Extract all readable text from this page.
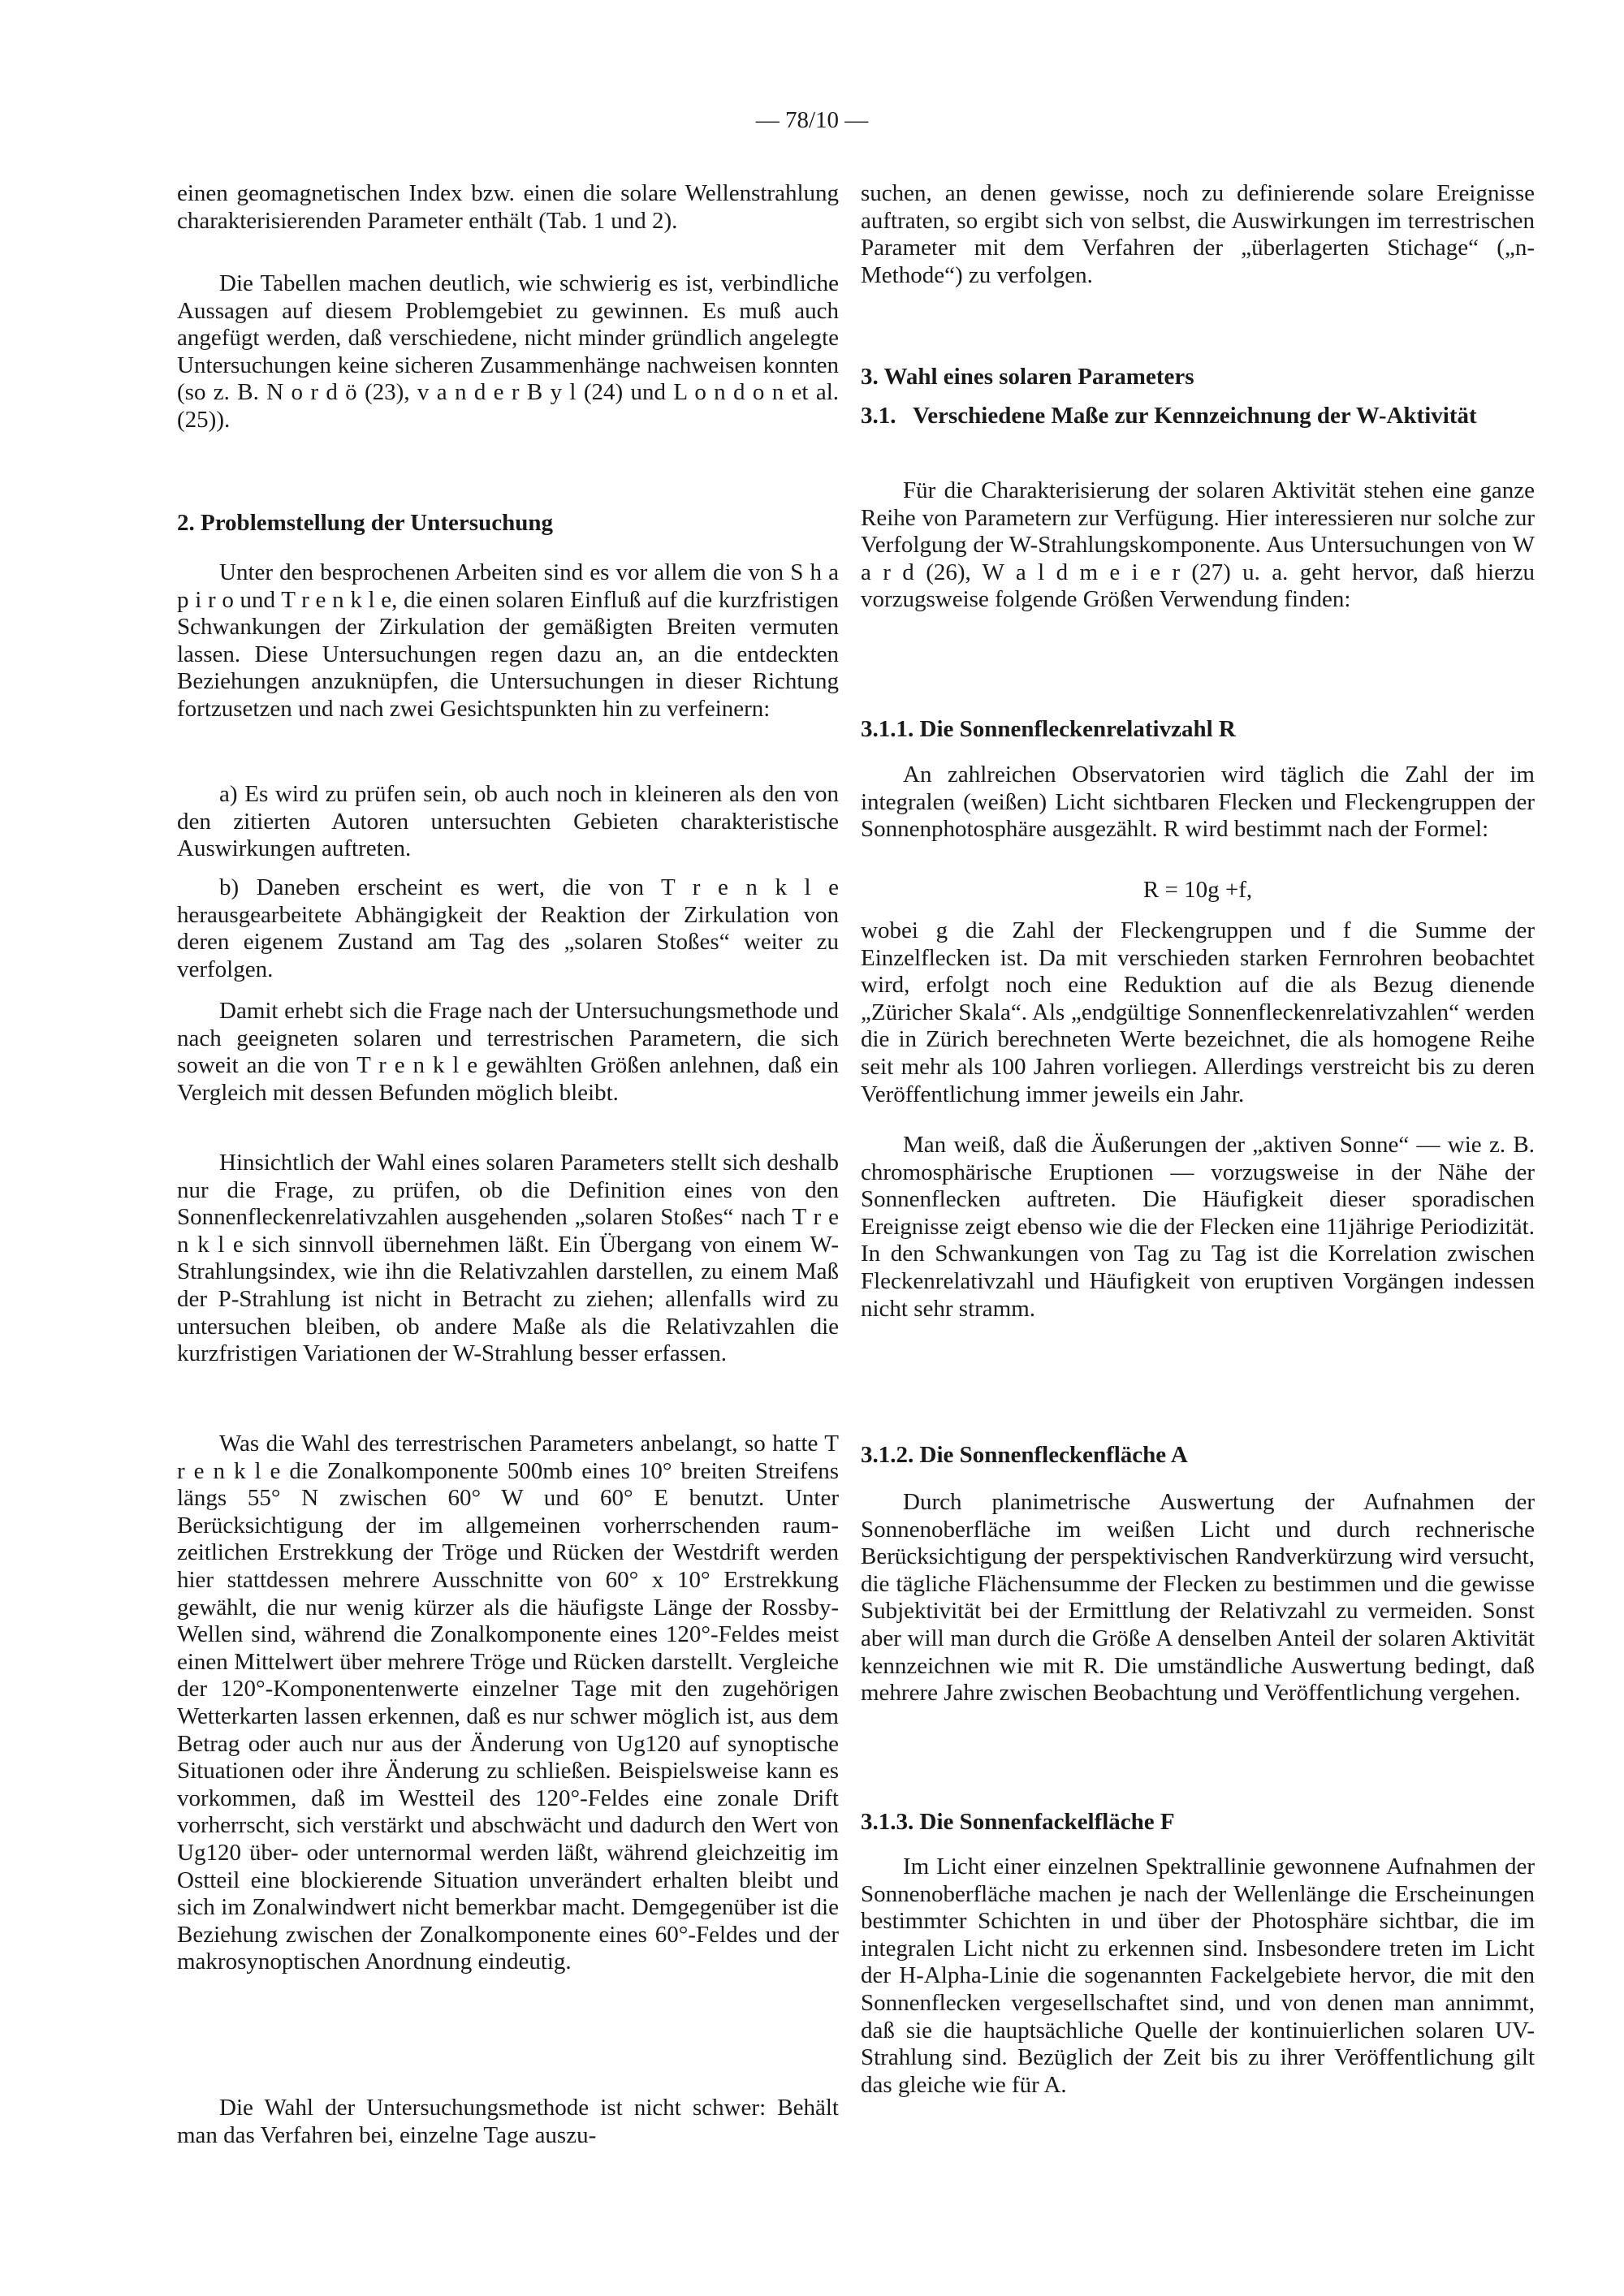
— 78/10 —

einen geomagnetischen Index bzw. einen die solare Wellenstrahlung charakterisierenden Parameter enthält (Tab. 1 und 2).

Die Tabellen machen deutlich, wie schwierig es ist, verbindliche Aussagen auf diesem Problemgebiet zu gewinnen. Es muß auch angefügt werden, daß verschiedene, nicht minder gründlich angelegte Untersuchungen keine sicheren Zusammenhänge nachweisen konnten (so z. B. N o r d ö (23), v a n d e r B y l (24) und L o n d o n et al. (25)).

2. Problemstellung der Untersuchung

Unter den besprochenen Arbeiten sind es vor allem die von S h a p i r o und T r e n k l e, die einen solaren Einfluß auf die kurzfristigen Schwankungen der Zirkulation der gemäßigten Breiten vermuten lassen. Diese Untersuchungen regen dazu an, an die entdeckten Beziehungen anzuknüpfen, die Untersuchungen in dieser Richtung fortzusetzen und nach zwei Gesichtspunkten hin zu verfeinern:

a) Es wird zu prüfen sein, ob auch noch in kleineren als den von den zitierten Autoren untersuchten Gebieten charakteristische Auswirkungen auftreten.

b) Daneben erscheint es wert, die von T r e n k l e herausgearbeitete Abhängigkeit der Reaktion der Zirkulation von deren eigenem Zustand am Tag des „solaren Stoßes“ weiter zu verfolgen.

Damit erhebt sich die Frage nach der Untersuchungsmethode und nach geeigneten solaren und terrestrischen Parametern, die sich soweit an die von T r e n k l e gewählten Größen anlehnen, daß ein Vergleich mit dessen Befunden möglich bleibt.

Hinsichtlich der Wahl eines solaren Parameters stellt sich deshalb nur die Frage, zu prüfen, ob die Definition eines von den Sonnenfleckenrelativzahlen ausgehenden „solaren Stoßes“ nach T r e n k l e sich sinnvoll übernehmen läßt. Ein Übergang von einem W-Strahlungsindex, wie ihn die Relativzahlen darstellen, zu einem Maß der P-Strahlung ist nicht in Betracht zu ziehen; allenfalls wird zu untersuchen bleiben, ob andere Maße als die Relativzahlen die kurzfristigen Variationen der W-Strahlung besser erfassen.

Was die Wahl des terrestrischen Parameters anbelangt, so hatte T r e n k l e die Zonalkomponente 500mb eines 10° breiten Streifens längs 55° N zwischen 60° W und 60° E benutzt. Unter Berücksichtigung der im allgemeinen vorherrschenden raum-zeitlichen Erstrekkung der Tröge und Rücken der Westdrift werden hier stattdessen mehrere Ausschnitte von 60° x 10° Erstrekkung gewählt, die nur wenig kürzer als die häufigste Länge der Rossby-Wellen sind, während die Zonalkomponente eines 120°-Feldes meist einen Mittelwert über mehrere Tröge und Rücken darstellt. Vergleiche der 120°-Komponentenwerte einzelner Tage mit den zugehörigen Wetterkarten lassen erkennen, daß es nur schwer möglich ist, aus dem Betrag oder auch nur aus der Änderung von Ug120 auf synoptische Situationen oder ihre Änderung zu schließen. Beispielsweise kann es vorkommen, daß im Westteil des 120°-Feldes eine zonale Drift vorherrscht, sich verstärkt und abschwächt und dadurch den Wert von Ug120 über- oder unternormal werden läßt, während gleichzeitig im Ostteil eine blockierende Situation unverändert erhalten bleibt und sich im Zonalwindwert nicht bemerkbar macht. Demgegenüber ist die Beziehung zwischen der Zonalkomponente eines 60°-Feldes und der makrosynoptischen Anordnung eindeutig.

Die Wahl der Untersuchungsmethode ist nicht schwer: Behält man das Verfahren bei, einzelne Tage auszu-

suchen, an denen gewisse, noch zu definierende solare Ereignisse auftraten, so ergibt sich von selbst, die Auswirkungen im terrestrischen Parameter mit dem Verfahren der „überlagerten Stichage“ („n-Methode“) zu verfolgen.

3. Wahl eines solaren Parameters

3.1. Verschiedene Maße zur Kennzeichnung der W-Aktivität

Für die Charakterisierung der solaren Aktivität stehen eine ganze Reihe von Parametern zur Verfügung. Hier interessieren nur solche zur Verfolgung der W-Strahlungskomponente. Aus Untersuchungen von W a r d (26), W a l d m e i e r (27) u. a. geht hervor, daß hierzu vorzugsweise folgende Größen Verwendung finden:

3.1.1. Die Sonnenfleckenrelativzahl R

An zahlreichen Observatorien wird täglich die Zahl der im integralen (weißen) Licht sichtbaren Flecken und Fleckengruppen der Sonnenphotosphäre ausgezählt. R wird bestimmt nach der Formel:

R = 10g +f,

wobei g die Zahl der Fleckengruppen und f die Summe der Einzelflecken ist. Da mit verschieden starken Fernrohren beobachtet wird, erfolgt noch eine Reduktion auf die als Bezug dienende „Züricher Skala“. Als „endgültige Sonnenfleckenrelativzahlen“ werden die in Zürich berechneten Werte bezeichnet, die als homogene Reihe seit mehr als 100 Jahren vorliegen. Allerdings verstreicht bis zu deren Veröffentlichung immer jeweils ein Jahr.

Man weiß, daß die Äußerungen der „aktiven Sonne“ — wie z. B. chromosphärische Eruptionen — vorzugsweise in der Nähe der Sonnenflecken auftreten. Die Häufigkeit dieser sporadischen Ereignisse zeigt ebenso wie die der Flecken eine 11jährige Periodizität. In den Schwankungen von Tag zu Tag ist die Korrelation zwischen Fleckenrelativzahl und Häufigkeit von eruptiven Vorgängen indessen nicht sehr stramm.

3.1.2. Die Sonnenfleckenfläche A

Durch planimetrische Auswertung der Aufnahmen der Sonnenoberfläche im weißen Licht und durch rechnerische Berücksichtigung der perspektivischen Randverkürzung wird versucht, die tägliche Flächensumme der Flecken zu bestimmen und die gewisse Subjektivität bei der Ermittlung der Relativzahl zu vermeiden. Sonst aber will man durch die Größe A denselben Anteil der solaren Aktivität kennzeichnen wie mit R. Die umständliche Auswertung bedingt, daß mehrere Jahre zwischen Beobachtung und Veröffentlichung vergehen.

3.1.3. Die Sonnenfackelfläche F

Im Licht einer einzelnen Spektrallinie gewonnene Aufnahmen der Sonnenoberfläche machen je nach der Wellenlänge die Erscheinungen bestimmter Schichten in und über der Photosphäre sichtbar, die im integralen Licht nicht zu erkennen sind. Insbesondere treten im Licht der H-Alpha-Linie die sogenannten Fackelgebiete hervor, die mit den Sonnenflecken vergesellschaftet sind, und von denen man annimmt, daß sie die hauptsächliche Quelle der kontinuierlichen solaren UV-Strahlung sind. Bezüglich der Zeit bis zu ihrer Veröffentlichung gilt das gleiche wie für A.
